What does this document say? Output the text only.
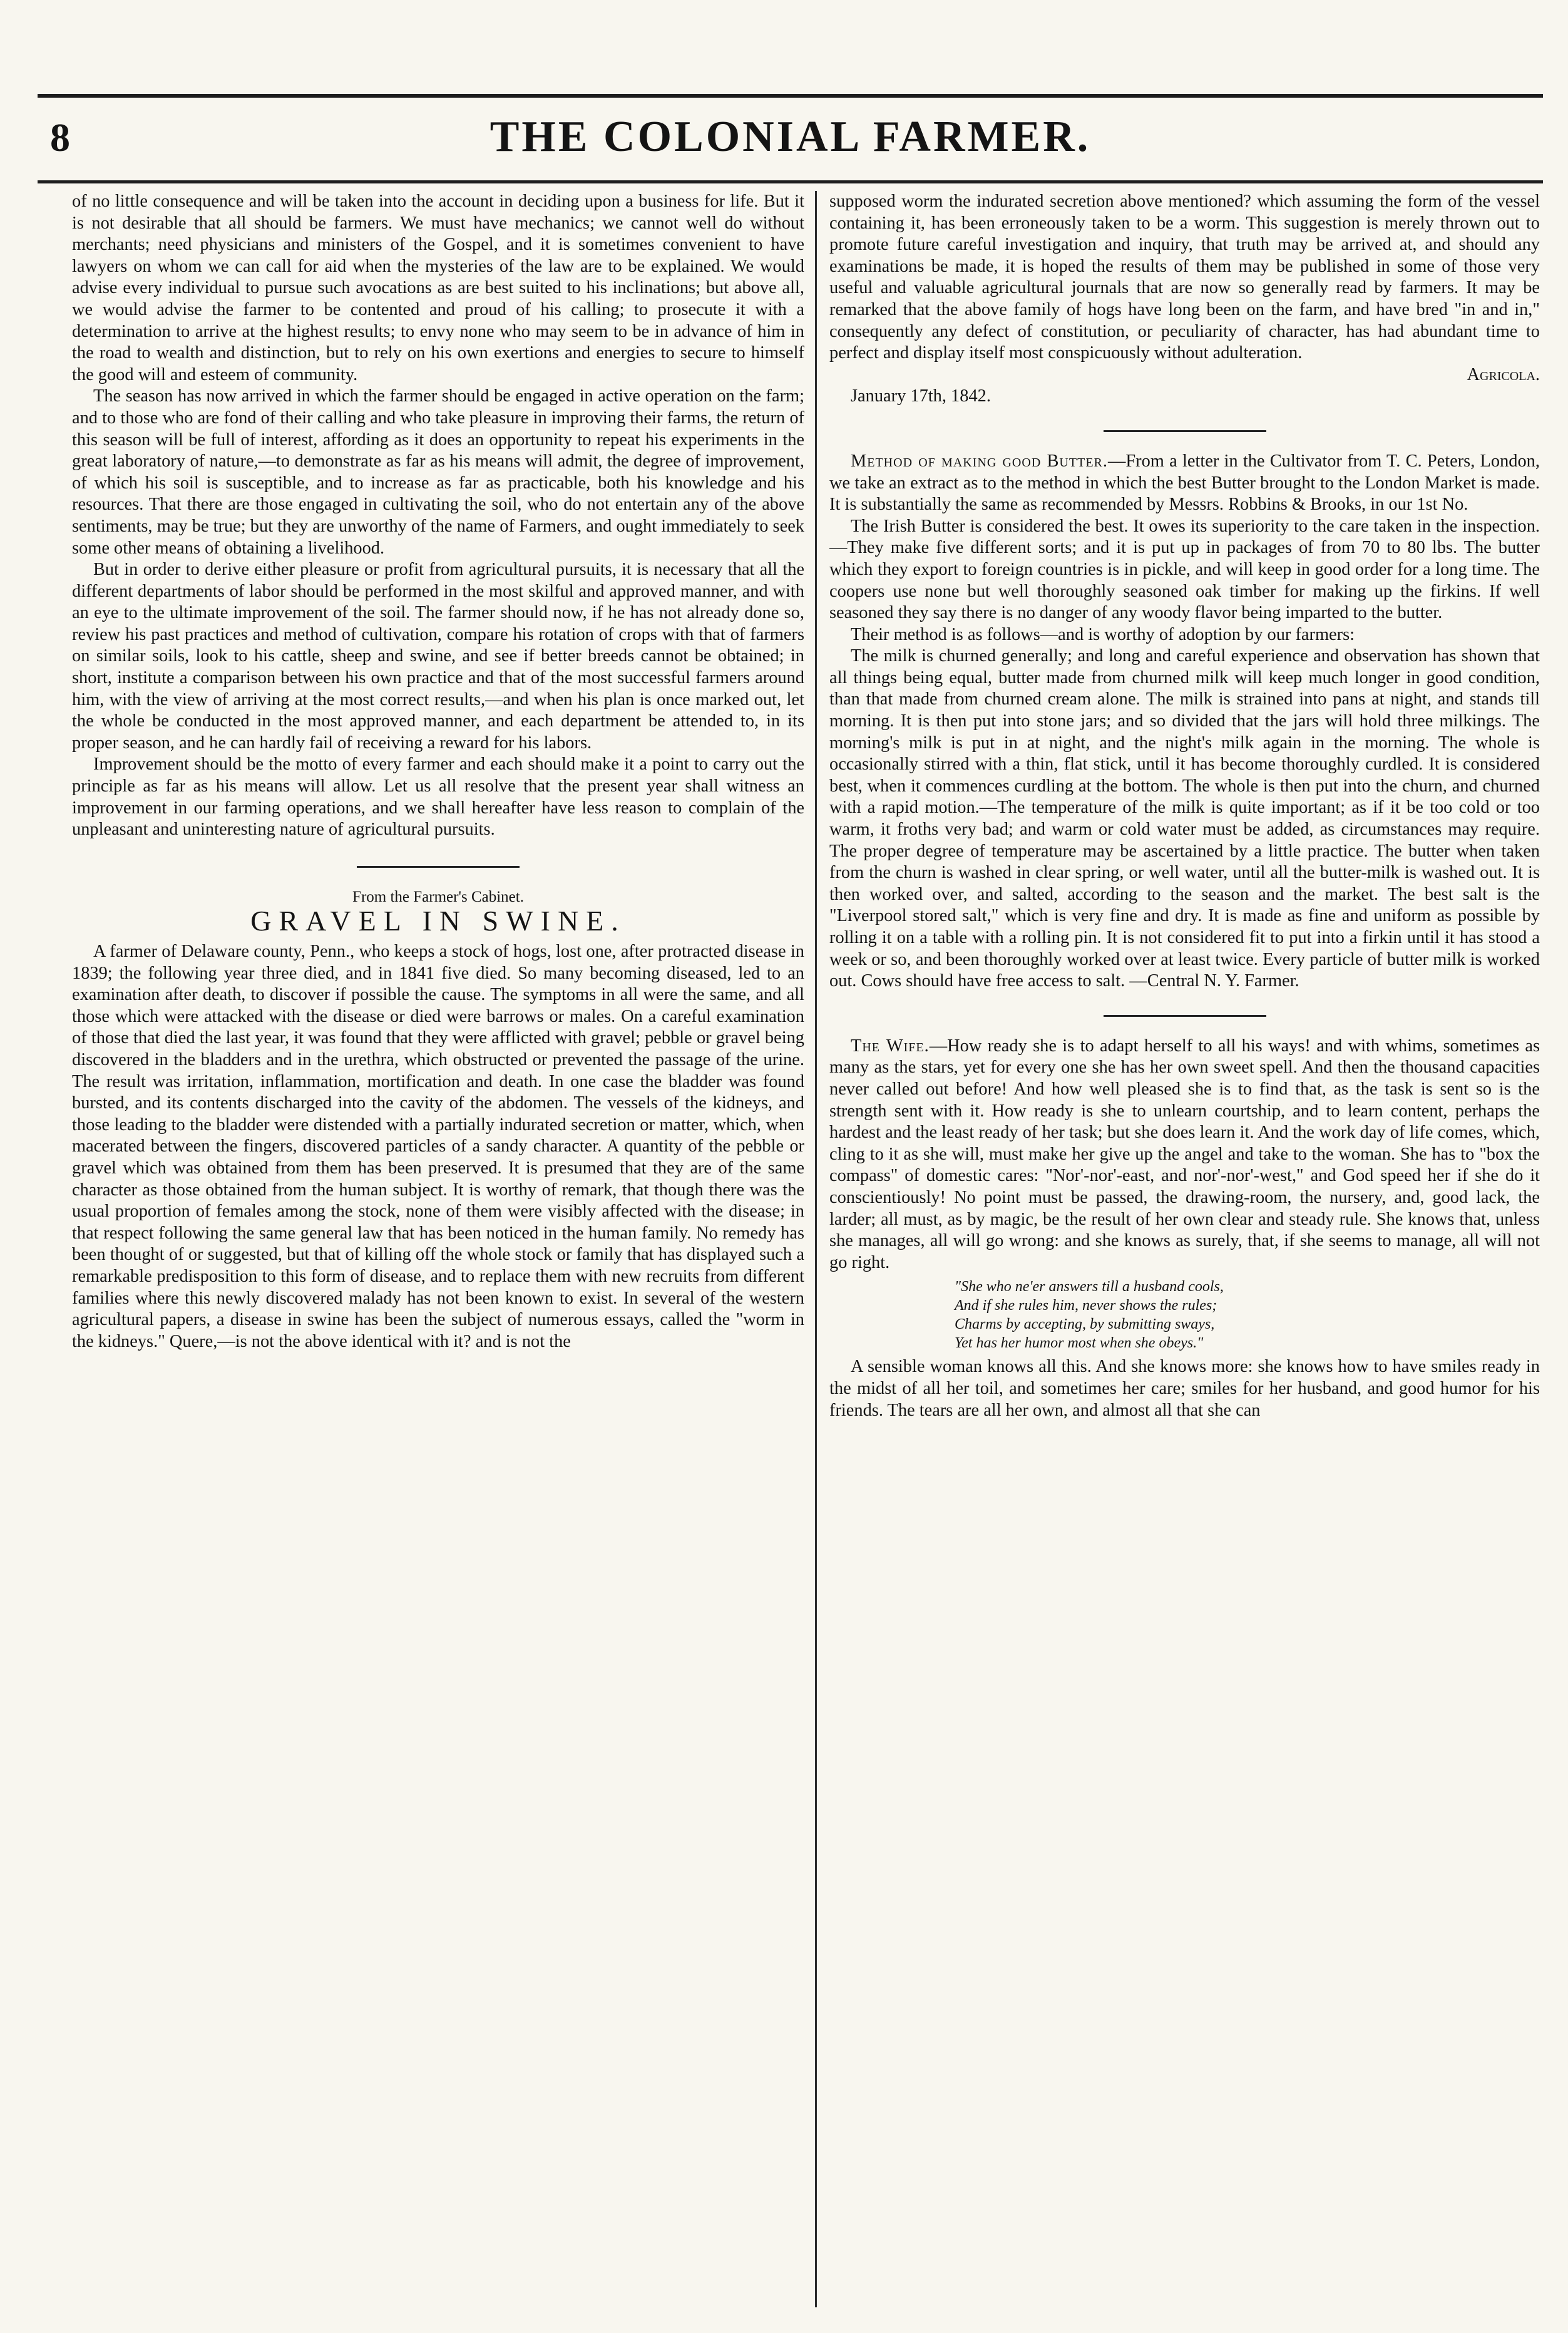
8	THE COLONIAL FARMER.

of no little consequence and will be taken into the account in deciding upon a business for life. But it is not desirable that all should be farmers. We must have mechanics; we cannot well do without merchants; need physicians and ministers of the Gospel, and it is sometimes convenient to have lawyers on whom we can call for aid when the mysteries of the law are to be explained. We would advise every individual to pursue such avocations as are best suited to his inclinations; but above all, we would advise the farmer to be contented and proud of his calling; to prosecute it with a determination to arrive at the highest results; to envy none who may seem to be in advance of him in the road to wealth and distinction, but to rely on his own exertions and energies to secure to himself the good will and esteem of community.

The season has now arrived in which the farmer should be engaged in active operation on the farm; and to those who are fond of their calling and who take pleasure in improving their farms, the return of this season will be full of interest, affording as it does an opportunity to repeat his experiments in the great laboratory of nature,—to demonstrate as far as his means will admit, the degree of improvement, of which his soil is susceptible, and to increase as far as practicable, both his knowledge and his resources. That there are those engaged in cultivating the soil, who do not entertain any of the above sentiments, may be true; but they are unworthy of the name of Farmers, and ought immediately to seek some other means of obtaining a livelihood.

But in order to derive either pleasure or profit from agricultural pursuits, it is necessary that all the different departments of labor should be performed in the most skilful and approved manner, and with an eye to the ultimate improvement of the soil. The farmer should now, if he has not already done so, review his past practices and method of cultivation, compare his rotation of crops with that of farmers on similar soils, look to his cattle, sheep and swine, and see if better breeds cannot be obtained; in short, institute a comparison between his own practice and that of the most successful farmers around him, with the view of arriving at the most correct results,—and when his plan is once marked out, let the whole be conducted in the most approved manner, and each department be attended to, in its proper season, and he can hardly fail of receiving a reward for his labors.

Improvement should be the motto of every farmer and each should make it a point to carry out the principle as far as his means will allow. Let us all resolve that the present year shall witness an improvement in our farming operations, and we shall hereafter have less reason to complain of the unpleasant and uninteresting nature of agricultural pursuits.

From the Farmer's Cabinet.
GRAVEL IN SWINE.

A farmer of Delaware county, Penn., who keeps a stock of hogs, lost one, after protracted disease in 1839; the following year three died, and in 1841 five died. So many becoming diseased, led to an examination after death, to discover if possible the cause. The symptoms in all were the same, and all those which were attacked with the disease or died were barrows or males. On a careful examination of those that died the last year, it was found that they were afflicted with gravel; pebble or gravel being discovered in the bladders and in the urethra, which obstructed or prevented the passage of the urine. The result was irritation, inflammation, mortification and death. In one case the bladder was found bursted, and its contents discharged into the cavity of the abdomen. The vessels of the kidneys, and those leading to the bladder were distended with a partially indurated secretion or matter, which, when macerated between the fingers, discovered particles of a sandy character. A quantity of the pebble or gravel which was obtained from them has been preserved. It is presumed that they are of the same character as those obtained from the human subject. It is worthy of remark, that though there was the usual proportion of females among the stock, none of them were visibly affected with the disease; in that respect following the same general law that has been noticed in the human family. No remedy has been thought of or suggested, but that of killing off the whole stock or family that has displayed such a remarkable predisposition to this form of disease, and to replace them with new recruits from different families where this newly discovered malady has not been known to exist. In several of the western agricultural papers, a disease in swine has been the subject of numerous essays, called the "worm in the kidneys." Quere,—is not the above identical with it? and is not the

supposed worm the indurated secretion above mentioned? which assuming the form of the vessel containing it, has been erroneously taken to be a worm. This suggestion is merely thrown out to promote future careful investigation and inquiry, that truth may be arrived at, and should any examinations be made, it is hoped the results of them may be published in some of those very useful and valuable agricultural journals that are now so generally read by farmers. It may be remarked that the above family of hogs have long been on the farm, and have bred "in and in," consequently any defect of constitution, or peculiarity of character, has had abundant time to perfect and display itself most conspicuously without adulteration.

Agricola.

January 17th, 1842.

Method of making good Butter.—From a letter in the Cultivator from T. C. Peters, London, we take an extract as to the method in which the best Butter brought to the London Market is made. It is substantially the same as recommended by Messrs. Robbins & Brooks, in our 1st No.

The Irish Butter is considered the best. It owes its superiority to the care taken in the inspection.—They make five different sorts; and it is put up in packages of from 70 to 80 lbs. The butter which they export to foreign countries is in pickle, and will keep in good order for a long time. The coopers use none but well thoroughly seasoned oak timber for making up the firkins. If well seasoned they say there is no danger of any woody flavor being imparted to the butter.

Their method is as follows—and is worthy of adoption by our farmers:

The milk is churned generally; and long and careful experience and observation has shown that all things being equal, butter made from churned milk will keep much longer in good condition, than that made from churned cream alone. The milk is strained into pans at night, and stands till morning. It is then put into stone jars; and so divided that the jars will hold three milkings. The morning's milk is put in at night, and the night's milk again in the morning. The whole is occasionally stirred with a thin, flat stick, until it has become thoroughly curdled. It is considered best, when it commences curdling at the bottom. The whole is then put into the churn, and churned with a rapid motion.—The temperature of the milk is quite important; as if it be too cold or too warm, it froths very bad; and warm or cold water must be added, as circumstances may require. The proper degree of temperature may be ascertained by a little practice. The butter when taken from the churn is washed in clear spring, or well water, until all the butter-milk is washed out. It is then worked over, and salted, according to the season and the market. The best salt is the "Liverpool stored salt," which is very fine and dry. It is made as fine and uniform as possible by rolling it on a table with a rolling pin. It is not considered fit to put into a firkin until it has stood a week or so, and been thoroughly worked over at least twice. Every particle of butter milk is worked out. Cows should have free access to salt. —Central N. Y. Farmer.

The Wife.—How ready she is to adapt herself to all his ways! and with whims, sometimes as many as the stars, yet for every one she has her own sweet spell. And then the thousand capacities never called out before! And how well pleased she is to find that, as the task is sent so is the strength sent with it. How ready is she to unlearn courtship, and to learn content, perhaps the hardest and the least ready of her task; but she does learn it. And the work day of life comes, which, cling to it as she will, must make her give up the angel and take to the woman. She has to "box the compass" of domestic cares: "Nor'-nor'-east, and nor'-nor'-west," and God speed her if she do it conscientiously! No point must be passed, the drawing-room, the nursery, and, good lack, the larder; all must, as by magic, be the result of her own clear and steady rule. She knows that, unless she manages, all will go wrong: and she knows as surely, that, if she seems to manage, all will not go right.

"She who ne'er answers till a husband cools,
And if she rules him, never shows the rules;
Charms by accepting, by submitting sways,
Yet has her humor most when she obeys."

A sensible woman knows all this. And she knows more: she knows how to have smiles ready in the midst of all her toil, and sometimes her care; smiles for her husband, and good humor for his friends. The tears are all her own, and almost all that she can
